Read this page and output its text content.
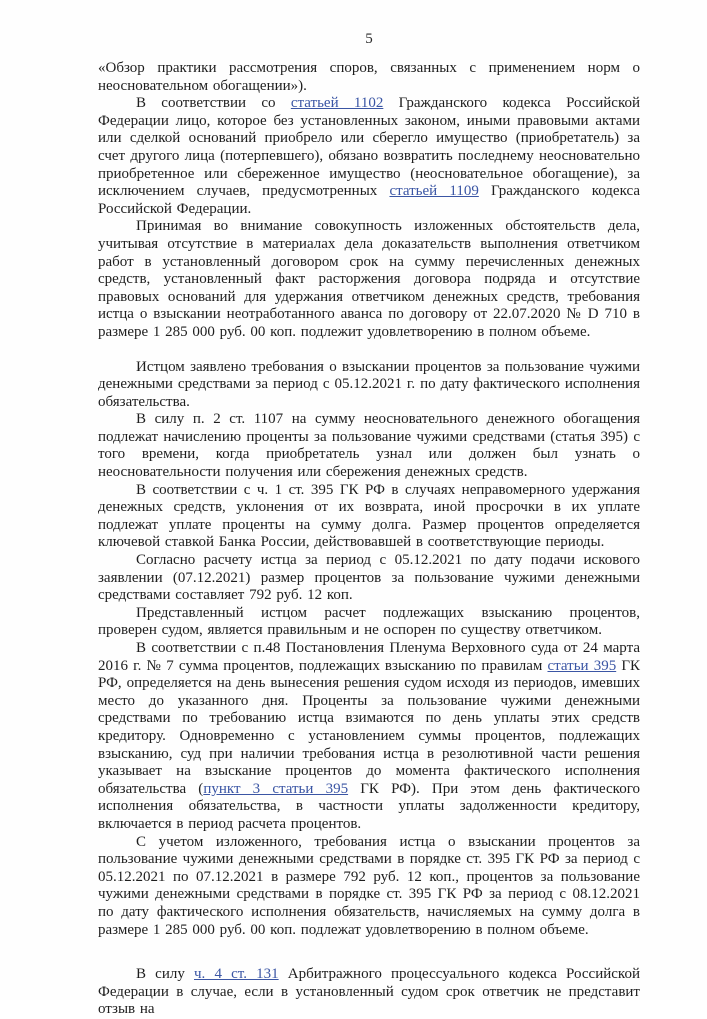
5

«Обзор практики рассмотрения споров, связанных с применением норм о неосновательном обогащении»).

В соответствии со статьей 1102 Гражданского кодекса Российской Федерации лицо, которое без установленных законом, иными правовыми актами или сделкой оснований приобрело или сберегло имущество (приобретатель) за счет другого лица (потерпевшего), обязано возвратить последнему неосновательно приобретенное или сбереженное имущество (неосновательное обогащение), за исключением случаев, предусмотренных статьей 1109 Гражданского кодекса Российской Федерации.

Принимая во внимание совокупность изложенных обстоятельств дела, учитывая отсутствие в материалах дела доказательств выполнения ответчиком работ в установленный договором срок на сумму перечисленных денежных средств, установленный факт расторжения договора подряда и отсутствие правовых оснований для удержания ответчиком денежных средств, требования истца о взыскании неотработанного аванса по договору от 22.07.2020 № D 710 в размере 1 285 000 руб. 00 коп. подлежит удовлетворению в полном объеме.

Истцом заявлено требования о взыскании процентов за пользование чужими денежными средствами за период с 05.12.2021 г. по дату фактического исполнения обязательства.

В силу п. 2 ст. 1107 на сумму неосновательного денежного обогащения подлежат начислению проценты за пользование чужими средствами (статья 395) с того времени, когда приобретатель узнал или должен был узнать о неосновательности получения или сбережения денежных средств.

В соответствии с ч. 1 ст. 395 ГК РФ в случаях неправомерного удержания денежных средств, уклонения от их возврата, иной просрочки в их уплате подлежат уплате проценты на сумму долга. Размер процентов определяется ключевой ставкой Банка России, действовавшей в соответствующие периоды.

Согласно расчету истца за период с 05.12.2021 по дату подачи искового заявлении (07.12.2021) размер процентов за пользование чужими денежными средствами составляет 792 руб. 12 коп.

Представленный истцом расчет подлежащих взысканию процентов, проверен судом, является правильным и не оспорен по существу ответчиком.

В соответствии с п.48 Постановления Пленума Верховного суда от 24 марта 2016 г. № 7 сумма процентов, подлежащих взысканию по правилам статьи 395 ГК РФ, определяется на день вынесения решения судом исходя из периодов, имевших место до указанного дня. Проценты за пользование чужими денежными средствами по требованию истца взимаются по день уплаты этих средств кредитору. Одновременно с установлением суммы процентов, подлежащих взысканию, суд при наличии требования истца в резолютивной части решения указывает на взыскание процентов до момента фактического исполнения обязательства (пункт 3 статьи 395 ГК РФ). При этом день фактического исполнения обязательства, в частности уплаты задолженности кредитору, включается в период расчета процентов.

С учетом изложенного, требования истца о взыскании процентов за пользование чужими денежными средствами в порядке ст. 395 ГК РФ за период с 05.12.2021 по 07.12.2021 в размере 792 руб. 12 коп., процентов за пользование чужими денежными средствами в порядке ст. 395 ГК РФ за период с 08.12.2021 по дату фактического исполнения обязательств, начисляемых на сумму долга в размере 1 285 000 руб. 00 коп. подлежат удовлетворению в полном объеме.

В силу ч. 4 ст. 131 Арбитражного процессуального кодекса Российской Федерации в случае, если в установленный судом срок ответчик не представит отзыв на
